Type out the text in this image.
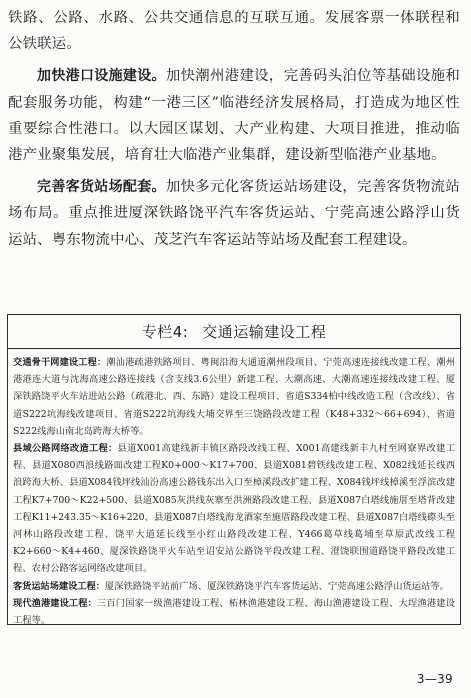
铁路、公路、水路、公共交通信息的互联互通。发展客票一体联程和公铁联运。

加快港口设施建设。加快潮州港建设，完善码头泊位等基础设施和配套服务功能，构建“一港三区”临港经济发展格局，打造成为地区性重要综合性港口。以大园区谋划、大产业构建、大项目推进，推动临港产业聚集发展，培育壮大临港产业集群，建设新型临港产业基地。

完善客货站场配套。加快多元化客货运站场建设，完善客货物流站场布局。重点推进厦深铁路饶平汽车客货运站、宁莞高速公路浮山货运站、粤东物流中心、茂芝汽车客运站等站场及配套工程建设。

专栏4: 交通运输建设工程

交通骨干网建设工程：潮汕港疏港铁路项目、粤闽沿海大通道潮州段项目、宁莞高速连接线改建工程、潮州港港连大道与沈海高速公路连接线（含支线3.6公里）新建工程、大潮高速、大潮高速连接线改建工程、厦深铁路饶平火车站进站公路（疏港北、西、东路）建设工程项目、省道S334柏中线改造工程（含改线）、省道S222坑海线改建项目、省道S222坑海线大埔交界至三饶路段改建工程（K48+332～66+694）、省道S222线海山南北岛跨海大桥等。

县域公路网络改造工程：县道X001高建线新丰镇区路段改线工程、X001高建线新丰九村至网寮界改建工程、县道X080西浪线路面改建工程K0+000～K17+700、县道X081碧铁线改建工程、X082线延长线西浪跨海大桥、县道X084钱坪线汕汾高速公路钱东出入口至樟溪段改扩建工程、X084钱坪线樟溪至浮滨改建工程K7+700～K22+500、县道X085灰洪线灰寨至洪洲路段改建工程、县道X087白塔线施厝至塔背改建工程K11+243.35～K16+220、县道X087白塔线海龙酒家至施厝路段改建工程、县道X087白塔线磜头至河林山路段改建工程、饶平大道延长线至小红山路段改建工程、Y466葛草线葛埔至草原武改线工程K2+660～K4+460、厦深铁路饶平火车站至诏安站公路饶平段改建工程、澄饶联围道路饶平路段改建工程、农村公路客运网络改建项目。

客货运站场建设工程：厦深铁路饶平站前广场、厦深铁路饶平汽车客货运站、宁莞高速公路浮山货运站等。

现代渔港建设工程：三百门国家一级渔港建设工程、柘林渔港建设工程、海山渔港建设工程、大埕渔港建设工程等。

3—39
